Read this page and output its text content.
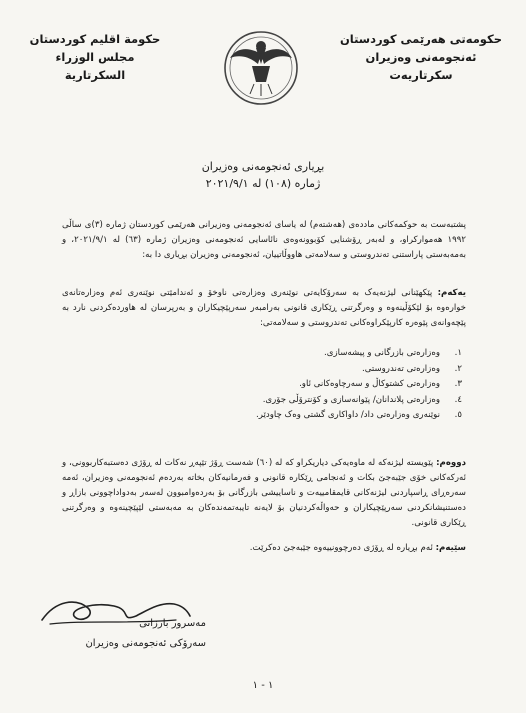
حکومەتی هەرێمی کوردستان
ئەنجومەنی وەزیران
سکرتاریەت
حكومة اقليم كوردستان
مجلس الوزراء
السكرتارية
بڕیاری ئەنجومەنی وەزیران
ژمارە (١٠٨) لە ٢٠٢١/٩/١
پشتبەست بە حوکمەکانی ماددەی (هەشتەم) لە یاسای ئەنجومەنی وەزیرانی هەرێمی کوردستان ژمارە (٣)ی ساڵی ١٩٩٢ هەموارکراو، و لەبەر ڕۆشنایی کۆبوونەوەی نائاسایی ئەنجومەنی وەزیران ژمارە (٦٣) لە ٢٠٢١/٩/١، و بەمەبەستی پاراستنی تەندروستی و سەلامەتی هاووڵاتییان، ئەنجومەنی وەزیران بڕیاری دا بە:
یەکەم: پێکهێنانی لیژنەیەک بە سەرۆکایەتی نوێنەری وەزارەتی ناوخۆ و ئەندامێتی نوێنەری ئەم وەزارەتانەی خوارەوە بۆ لێکۆڵینەوە و وەرگرتنی ڕێکاری قانونی بەرامبەر سەرپێچیکاران و بەرپرسان لە هاوردەکردنی نارد بە پێچەوانەی پێوەرە کارپێکراوەکانی تەندروستی و سەلامەتی:
١.
وەزارەتی بازرگانی و پیشەسازی.
٢.
وەزارەتی تەندروستی.
٣.
وەزارەتی کشتوکاڵ و سەرچاوەکانی ئاو.
٤.
وەزارەتی پلاندانان/ پێوانەسازی و کۆنترۆڵی جۆری.
٥.
نوێنەری وەزارەتی داد/ داواکاری گشتی وەک چاودێر.
دووەم: پێویستە لیژنەکە لە ماوەیەکی دیاریکراو کە لە (٦٠) شەست ڕۆژ تێپەڕ نەکات لە ڕۆژی دەستبەکاربوونی، و ئەرکەکانی خۆی جێبەجێ بکات و ئەنجامی ڕێکارە قانونی و فەرمانیەکان بخاتە بەردەم ئەنجومەنی وەزیران، ئەمە سەرەڕای ڕاسپاردنی لیژنەکانی قایمقامییەت و ناساییشی بازرگانی بۆ بەردەوامبوون لەسەر بەدواداچوونی بازاڕ و دەستنیشانکردنی سەرپێچیکاران و حەواڵەکردنیان بۆ لایەنە تایبەتمەندەکان بە مەبەستی لێپێچینەوە و وەرگرتنی ڕێکاری قانونی.
سێیەم: ئەم بڕیارە لە ڕۆژی دەرچوونییەوە جێبەجێ دەکرێت.
مەسرور بارزانی
سەرۆکی ئەنجومەنی وەزیران
١ - ١
